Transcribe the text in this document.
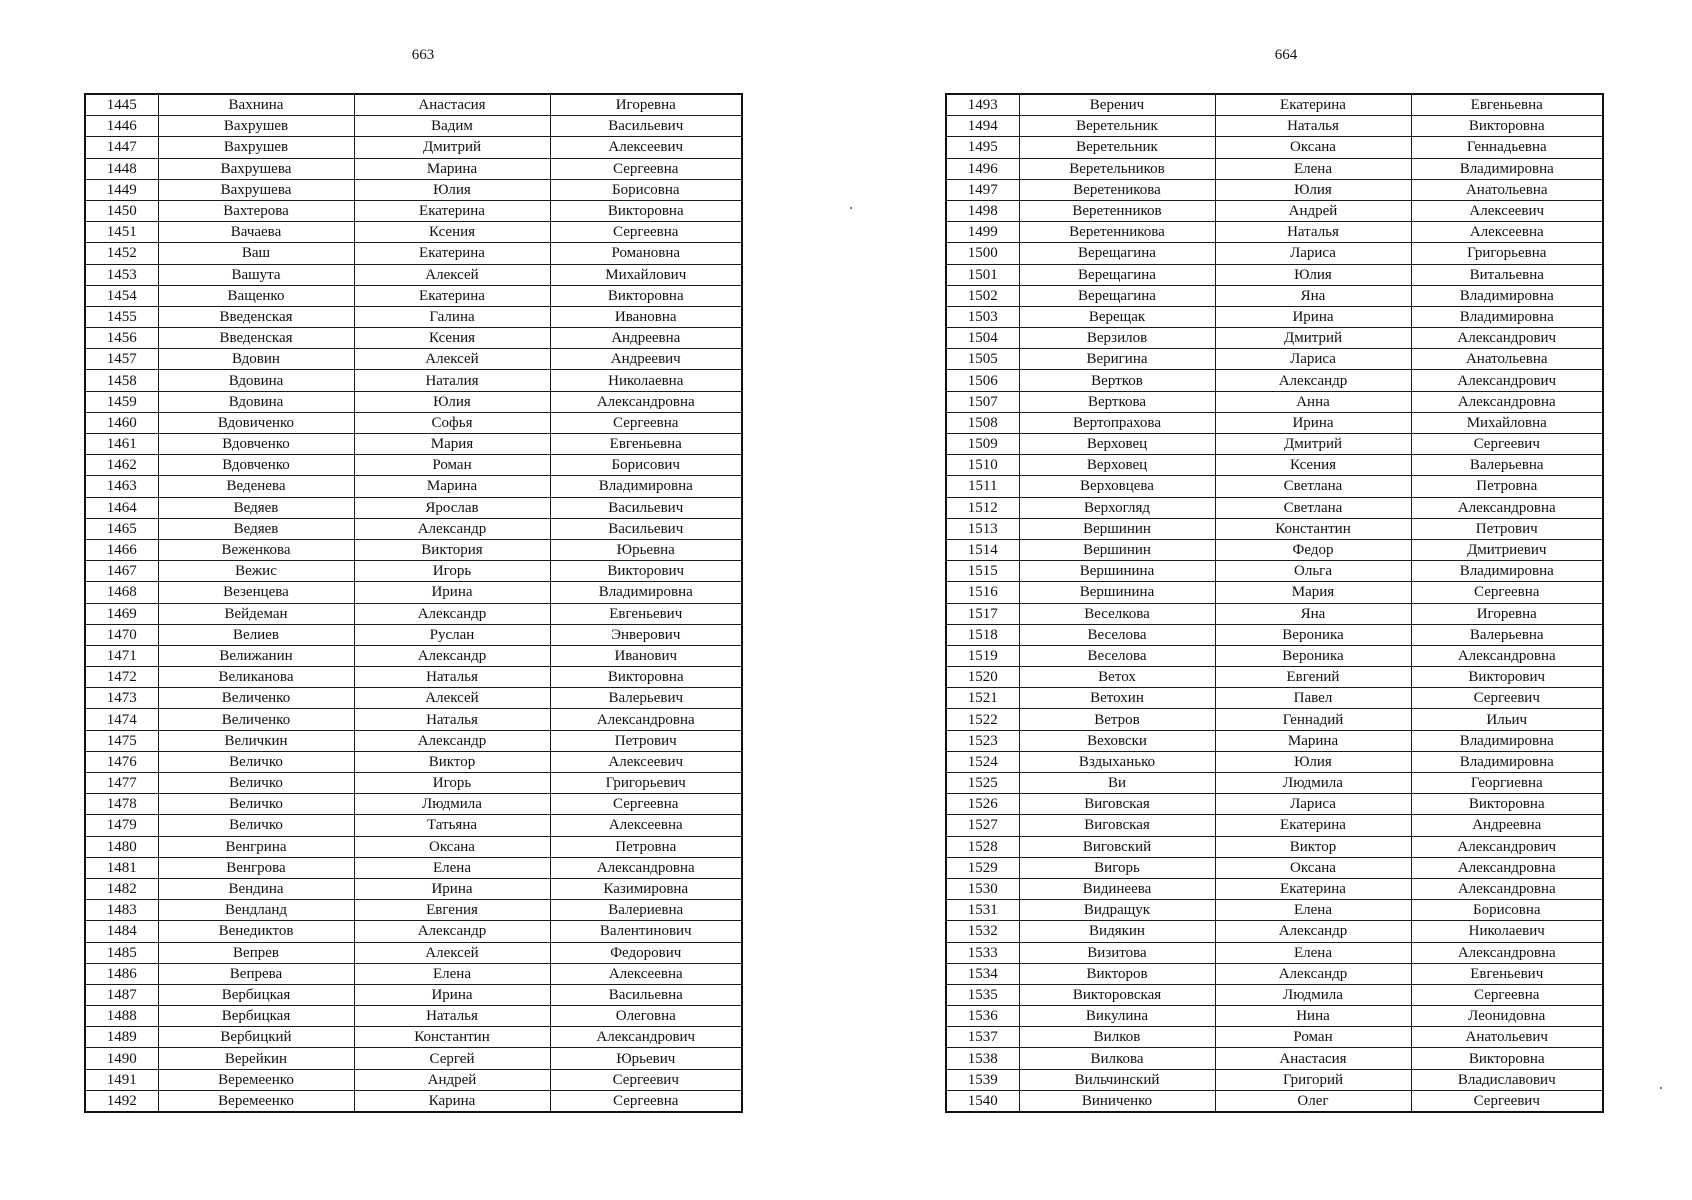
663	664
1445	Вахнина	Анастасия	Игоревна
1446	Вахрушев	Вадим	Васильевич
1447	Вахрушев	Дмитрий	Алексеевич
1448	Вахрушева	Марина	Сергеевна
1449	Вахрушева	Юлия	Борисовна
1450	Вахтерова	Екатерина	Викторовна
1451	Вачаева	Ксения	Сергеевна
1452	Ваш	Екатерина	Романовна
1453	Вашута	Алексей	Михайлович
1454	Ващенко	Екатерина	Викторовна
1455	Введенская	Галина	Ивановна
1456	Введенская	Ксения	Андреевна
1457	Вдовин	Алексей	Андреевич
1458	Вдовина	Наталия	Николаевна
1459	Вдовина	Юлия	Александровна
1460	Вдовиченко	Софья	Сергеевна
1461	Вдовченко	Мария	Евгеньевна
1462	Вдовченко	Роман	Борисович
1463	Веденева	Марина	Владимировна
1464	Ведяев	Ярослав	Васильевич
1465	Ведяев	Александр	Васильевич
1466	Веженкова	Виктория	Юрьевна
1467	Вежис	Игорь	Викторович
1468	Везенцева	Ирина	Владимировна
1469	Вейдеман	Александр	Евгеньевич
1470	Велиев	Руслан	Энверович
1471	Велижанин	Александр	Иванович
1472	Великанова	Наталья	Викторовна
1473	Величенко	Алексей	Валерьевич
1474	Величенко	Наталья	Александровна
1475	Величкин	Александр	Петрович
1476	Величко	Виктор	Алексеевич
1477	Величко	Игорь	Григорьевич
1478	Величко	Людмила	Сергеевна
1479	Величко	Татьяна	Алексеевна
1480	Венгрина	Оксана	Петровна
1481	Венгрова	Елена	Александровна
1482	Вендина	Ирина	Казимировна
1483	Вендланд	Евгения	Валериевна
1484	Венедиктов	Александр	Валентинович
1485	Вепрев	Алексей	Федорович
1486	Вепрева	Елена	Алексеевна
1487	Вербицкая	Ирина	Васильевна
1488	Вербицкая	Наталья	Олеговна
1489	Вербицкий	Константин	Александрович
1490	Верейкин	Сергей	Юрьевич
1491	Веремеенко	Андрей	Сергеевич
1492	Веремеенко	Карина	Сергеевна
1493	Веренич	Екатерина	Евгеньевна
1494	Веретельник	Наталья	Викторовна
1495	Веретельник	Оксана	Геннадьевна
1496	Веретельников	Елена	Владимировна
1497	Веретеникова	Юлия	Анатольевна
1498	Веретенников	Андрей	Алексеевич
1499	Веретенникова	Наталья	Алексеевна
1500	Верещагина	Лариса	Григорьевна
1501	Верещагина	Юлия	Витальевна
1502	Верещагина	Яна	Владимировна
1503	Верещак	Ирина	Владимировна
1504	Верзилов	Дмитрий	Александрович
1505	Веригина	Лариса	Анатольевна
1506	Вертков	Александр	Александрович
1507	Верткова	Анна	Александровна
1508	Вертопрахова	Ирина	Михайловна
1509	Верховец	Дмитрий	Сергеевич
1510	Верховец	Ксения	Валерьевна
1511	Верховцева	Светлана	Петровна
1512	Верхогляд	Светлана	Александровна
1513	Вершинин	Константин	Петрович
1514	Вершинин	Федор	Дмитриевич
1515	Вершинина	Ольга	Владимировна
1516	Вершинина	Мария	Сергеевна
1517	Веселкова	Яна	Игоревна
1518	Веселова	Вероника	Валерьевна
1519	Веселова	Вероника	Александровна
1520	Ветох	Евгений	Викторович
1521	Ветохин	Павел	Сергеевич
1522	Ветров	Геннадий	Ильич
1523	Веховски	Марина	Владимировна
1524	Вздыханько	Юлия	Владимировна
1525	Ви	Людмила	Георгиевна
1526	Виговская	Лариса	Викторовна
1527	Виговская	Екатерина	Андреевна
1528	Виговский	Виктор	Александрович
1529	Вигорь	Оксана	Александровна
1530	Видинеева	Екатерина	Александровна
1531	Видращук	Елена	Борисовна
1532	Видякин	Александр	Николаевич
1533	Визитова	Елена	Александровна
1534	Викторов	Александр	Евгеньевич
1535	Викторовская	Людмила	Сергеевна
1536	Викулина	Нина	Леонидовна
1537	Вилков	Роман	Анатольевич
1538	Вилкова	Анастасия	Викторовна
1539	Вильчинский	Григорий	Владиславович
1540	Виниченко	Олег	Сергеевич
